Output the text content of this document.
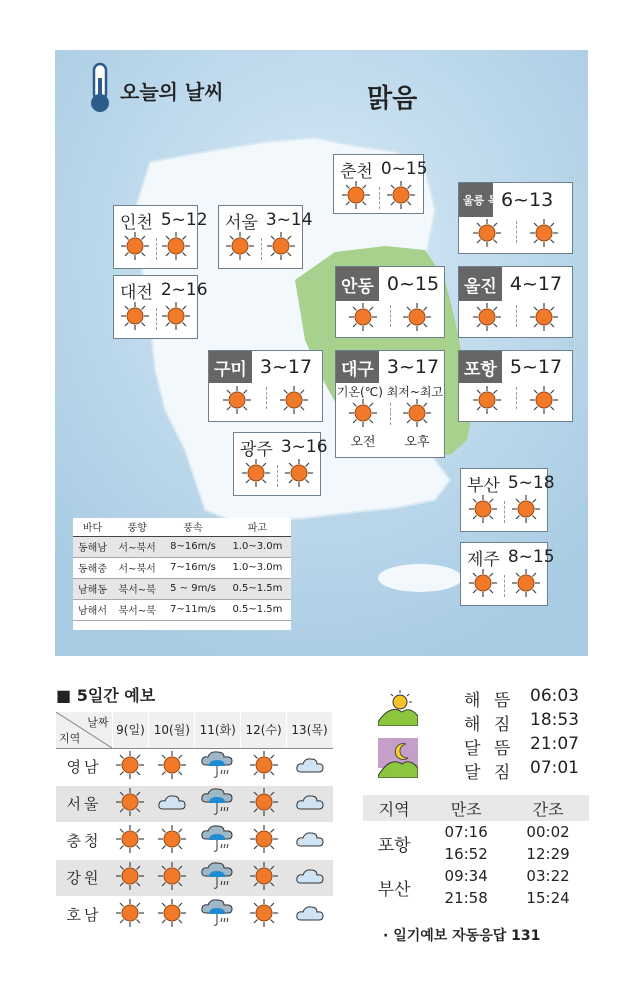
오늘의 날씨	맑음
춘천 0~15
울릉 독도
6~13
인천 5~12	서울 3~14
대전 2~16	안동 0~15 울진 4~17
구미 3~17 대구 3~17
기온(℃) 최저~최고
오전 오후
포항 5~17
광주 3~16
부산 5~18
제주 8~15
바다	풍향	풍속	파고
동해남	서~북서	8~16m/s	1.0~3.0m
동해중	서~북서	7~16m/s	1.0~3.0m
남해동	북서~북	5 ~ 9m/s	0.5~1.5m
남해서	북서~북	7~11m/s	0.5~1.5m
■ 5일간 예보
날짜
지역	9(일)	10(월)	11(화)	12(수)	13(목)
영남					
서울					
충청					
강원					
호남					
해 뜸 06:03
해 짐 18:53
달 뜸 21:07
달 짐 07:01
지역	만조	간조
포항	07:16	00:02
	16:52	12:29
부산	09:34	03:22
	21:58	15:24
· 일기예보 자동응답 131
